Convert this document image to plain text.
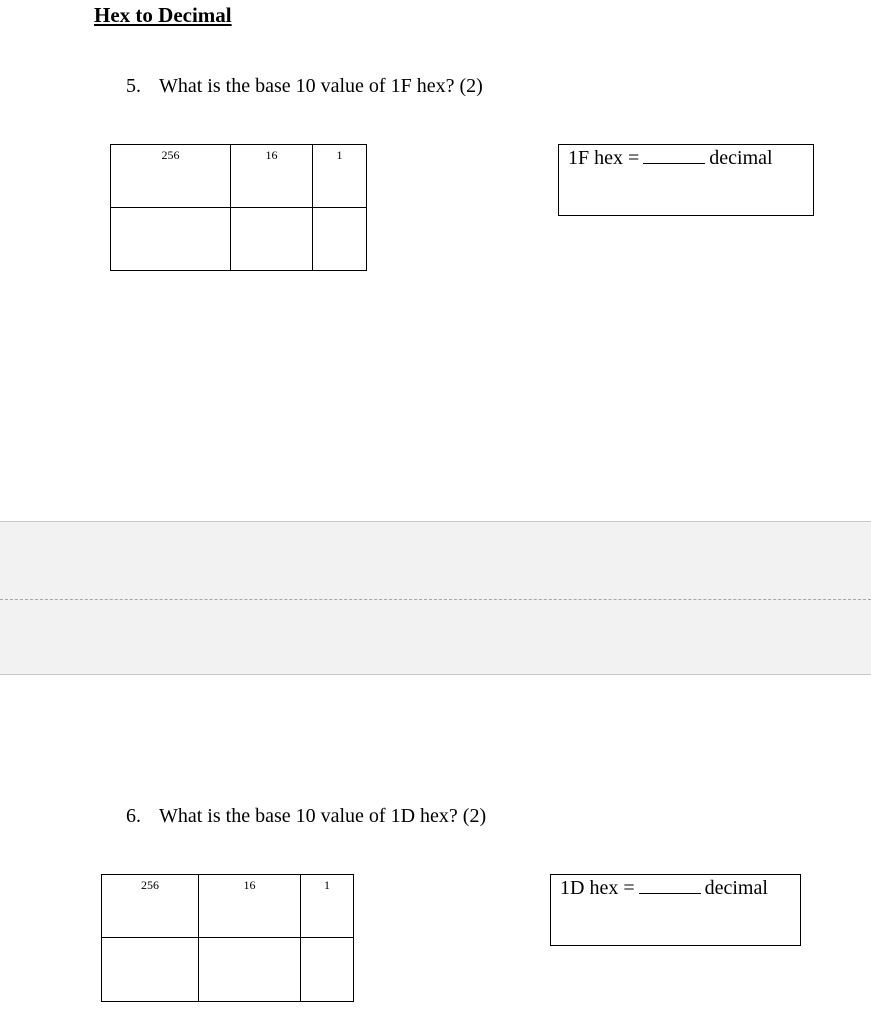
Hex to Decimal
5. What is the base 10 value of 1F hex? (2)
256	16	1

			1F hex =	decimal
6. What is the base 10 value of 1D hex? (2)
256	16	1

			1D hex =	decimal
